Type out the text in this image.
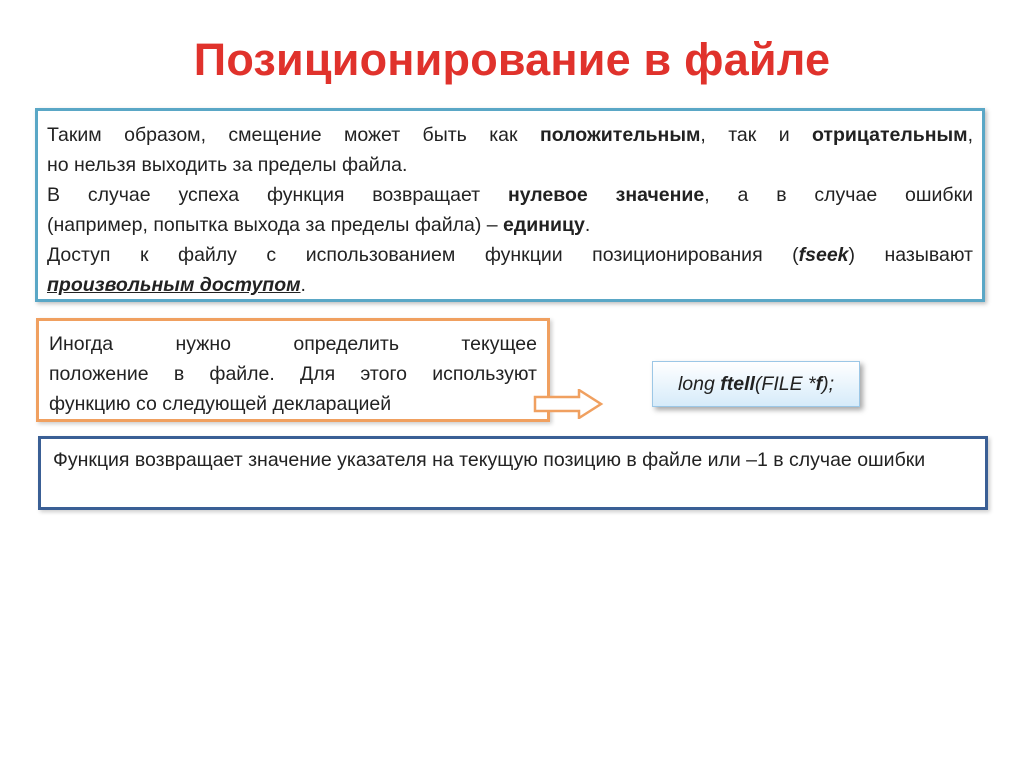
Позиционирование в файле

Таким образом, смещение может быть как положительным, так и отрицательным,

но нельзя выходить за пределы файла.

В случае успеха функция возвращает нулевое значение, а в случае ошибки

(например, попытка выхода за пределы файла) – единицу.

Доступ к файлу с использованием функции позиционирования (fseek) называют

произвольным доступом.

Иногда нужно определить текущее

положение в файле. Для этого используют

функцию со следующей декларацией

long ftell(FILE *f);

Функция возвращает значение указателя на текущую позицию в файле или –1 в случае ошибки
